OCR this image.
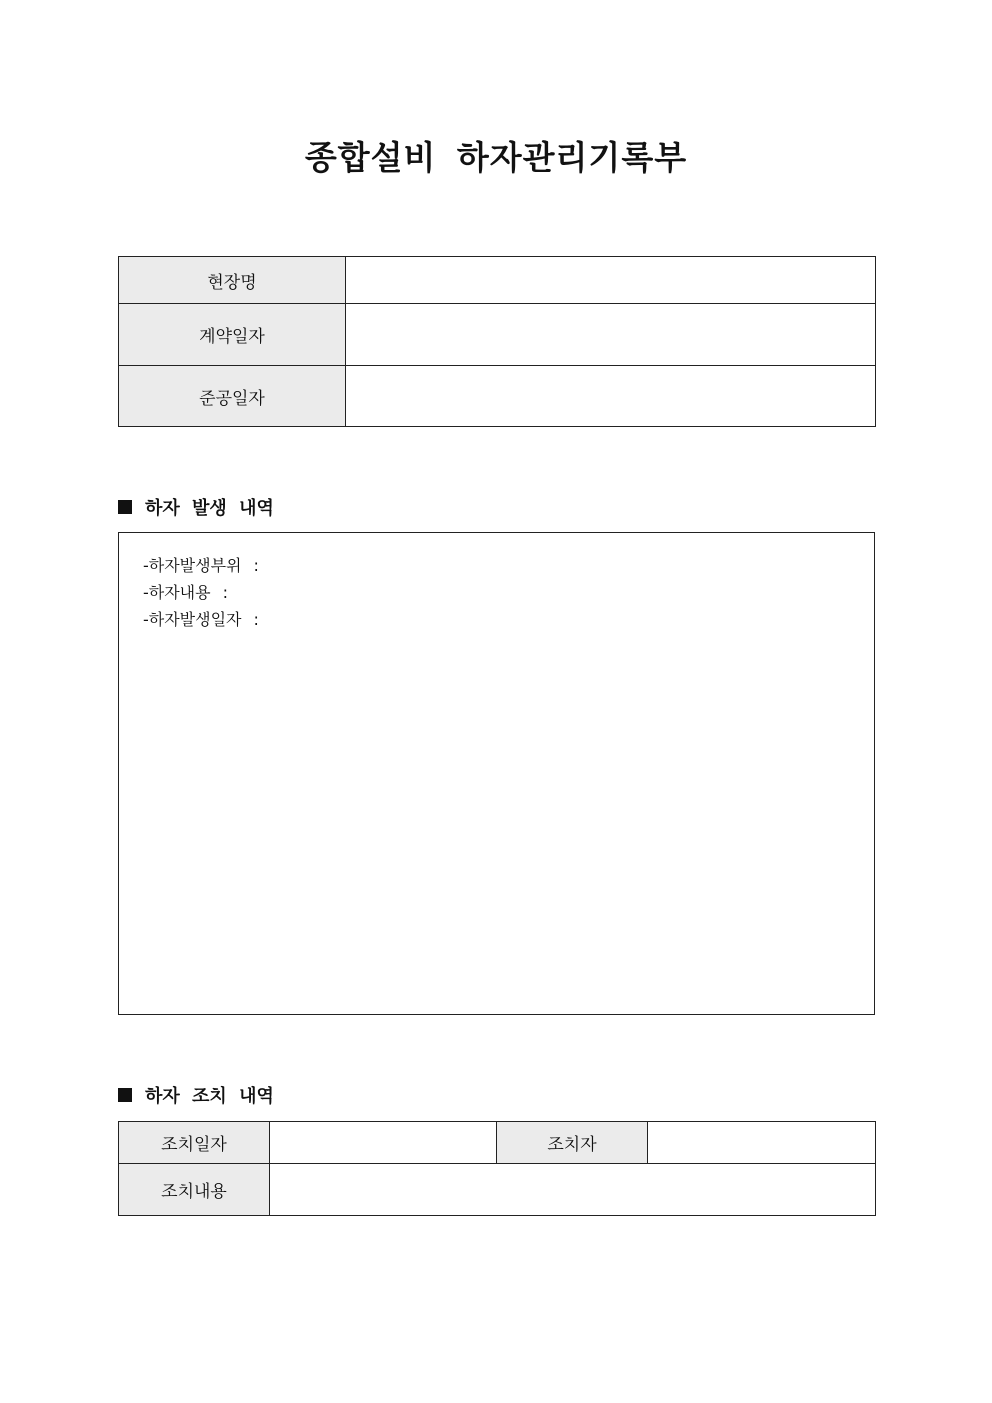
종합설비 하자관리기록부
현장명	
계약일자	
준공일자	
하자 발생 내역
-하자발생부위 :
-하자내용 :
-하자발생일자 :
하자 조치 내역
조치일자		조치자	
조치내용			
